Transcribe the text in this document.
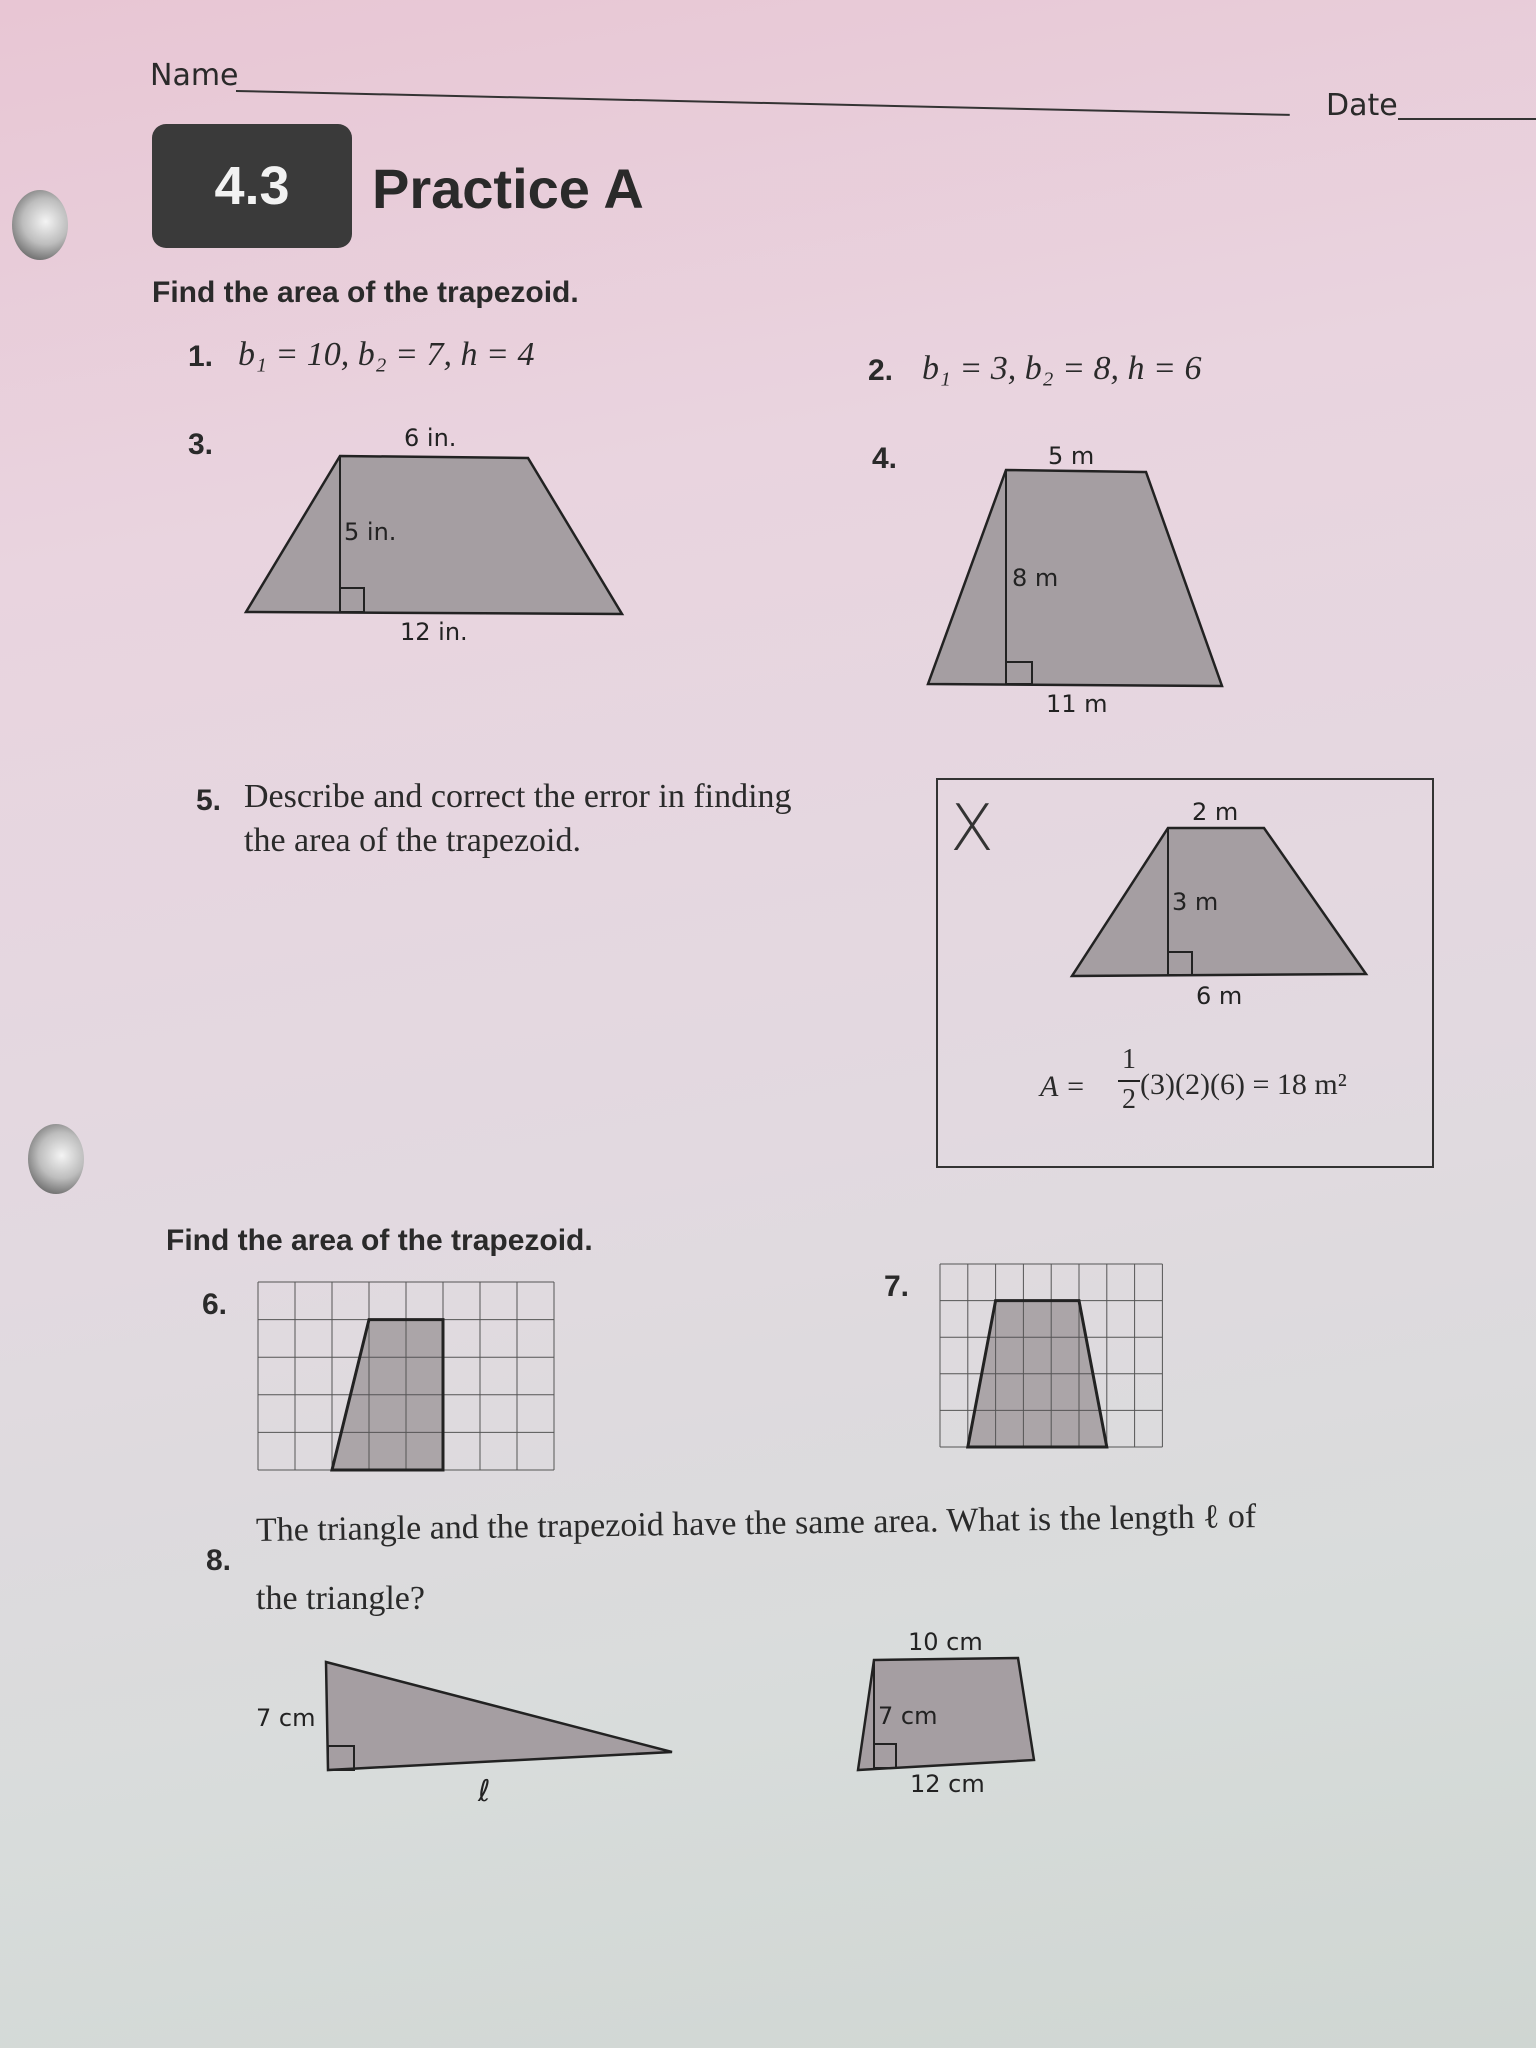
Name
Date
4.3	Practice A
Find the area of the trapezoid.
1. b₁ = 10, b₂ = 7, h = 4	2. b₁ = 3, b₂ = 8, h = 6
3.	6 in.
5 in.
12 in.
4.	5 m
8 m
11 m
5. Describe and correct the error in finding
the area of the trapezoid.	X	2 m
3 m
6 m
A =
1
2 (3)(2)(6) = 18 m²
Find the area of the trapezoid.
6.
7.
8.
The triangle and the trapezoid have the same area. What is the length ℓ of
the triangle?
7 cm
ℓ
10 cm
7 cm
12 cm
